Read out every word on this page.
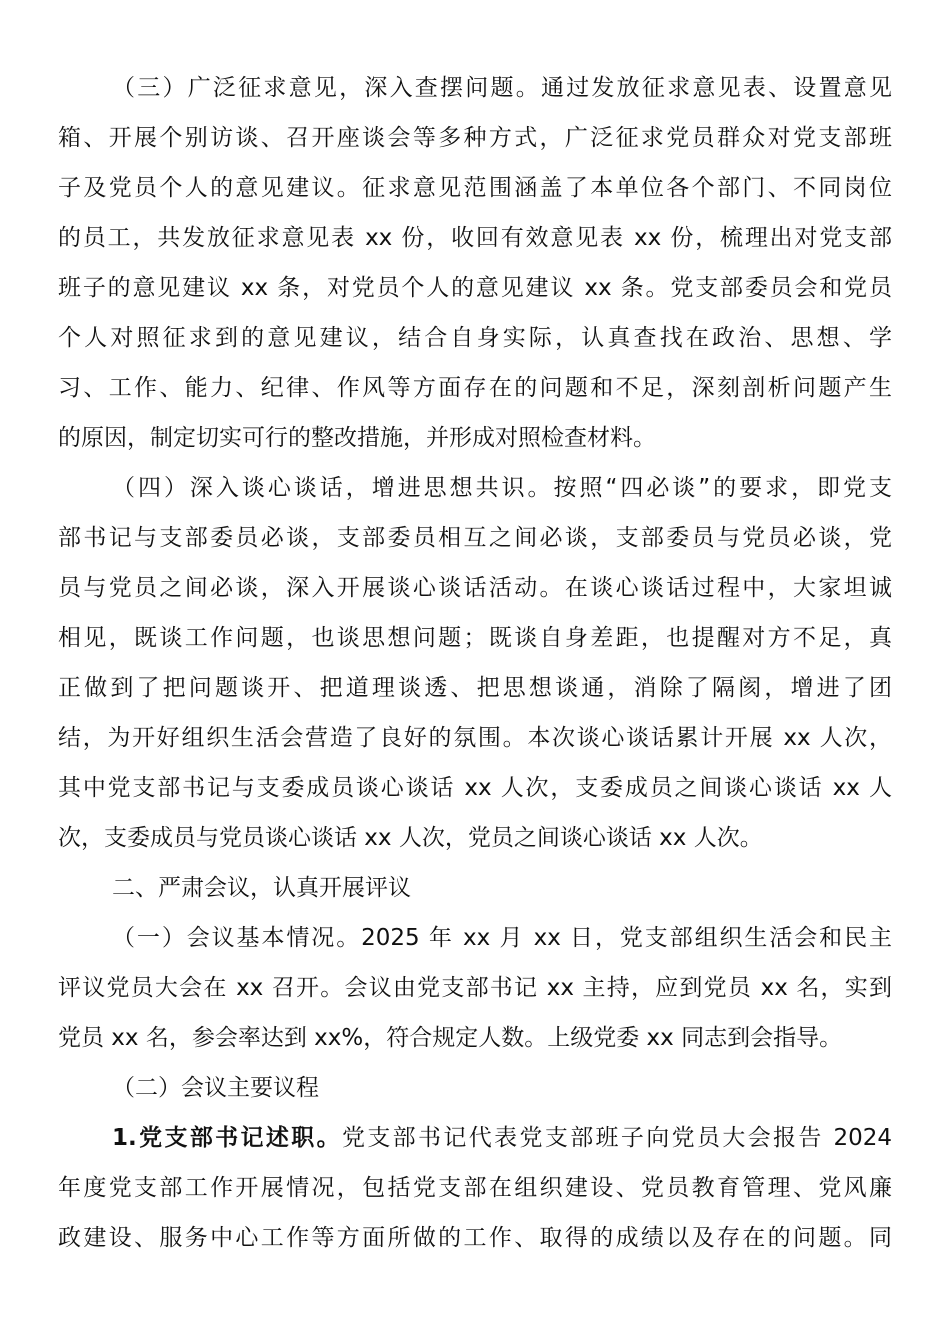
（三）广泛征求意见，深入查摆问题。通过发放征求意见表、设置意见
箱、开展个别访谈、召开座谈会等多种方式，广泛征求党员群众对党支部班
子及党员个人的意见建议。征求意见范围涵盖了本单位各个部门、不同岗位
的员工，共发放征求意见表 xx 份，收回有效意见表 xx 份，梳理出对党支部
班子的意见建议 xx 条，对党员个人的意见建议 xx 条。党支部委员会和党员
个人对照征求到的意见建议，结合自身实际，认真查找在政治、思想、学
习、工作、能力、纪律、作风等方面存在的问题和不足，深刻剖析问题产生
的原因，制定切实可行的整改措施，并形成对照检查材料。
（四）深入谈心谈话，增进思想共识。按照“四必谈”的要求，即党支
部书记与支部委员必谈，支部委员相互之间必谈，支部委员与党员必谈，党
员与党员之间必谈，深入开展谈心谈话活动。在谈心谈话过程中，大家坦诚
相见，既谈工作问题，也谈思想问题；既谈自身差距，也提醒对方不足，真
正做到了把问题谈开、把道理谈透、把思想谈通，消除了隔阂，增进了团
结，为开好组织生活会营造了良好的氛围。本次谈心谈话累计开展 xx 人次，
其中党支部书记与支委成员谈心谈话 xx 人次，支委成员之间谈心谈话 xx 人
次，支委成员与党员谈心谈话 xx 人次，党员之间谈心谈话 xx 人次。
二、严肃会议，认真开展评议
（一）会议基本情况。2025 年 xx 月 xx 日，党支部组织生活会和民主
评议党员大会在 xx 召开。会议由党支部书记 xx 主持，应到党员 xx 名，实到
党员 xx 名，参会率达到 xx%，符合规定人数。上级党委 xx 同志到会指导。
（二）会议主要议程
1.党支部书记述职。党支部书记代表党支部班子向党员大会报告 2024
年度党支部工作开展情况，包括党支部在组织建设、党员教育管理、党风廉
政建设、服务中心工作等方面所做的工作、取得的成绩以及存在的问题。同
